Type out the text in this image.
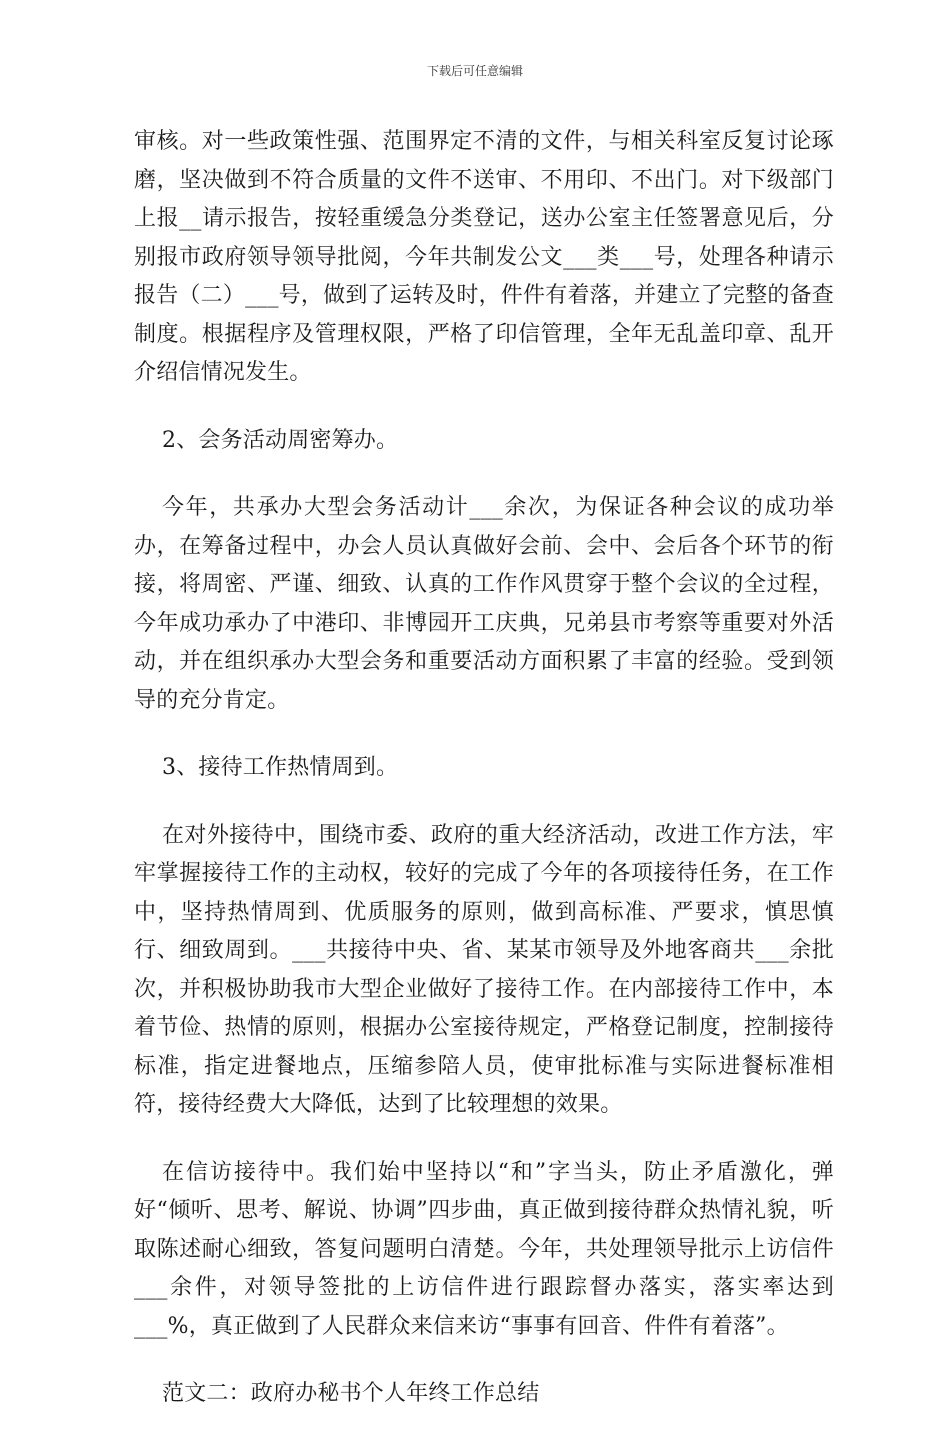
下载后可任意编辑

审核。对一些政策性强、范围界定不清的文件，与相关科室反复讨论琢磨，坚决做到不符合质量的文件不送审、不用印、不出门。对下级部门上报__请示报告，按轻重缓急分类登记，送办公室主任签署意见后，分别报市政府领导领导批阅，今年共制发公文___类___号，处理各种请示报告（二）___号，做到了运转及时，件件有着落，并建立了完整的备查制度。根据程序及管理权限，严格了印信管理，全年无乱盖印章、乱开介绍信情况发生。

2、会务活动周密筹办。

今年，共承办大型会务活动计___余次，为保证各种会议的成功举办，在筹备过程中，办会人员认真做好会前、会中、会后各个环节的衔接，将周密、严谨、细致、认真的工作作风贯穿于整个会议的全过程，今年成功承办了中港印、非博园开工庆典，兄弟县市考察等重要对外活动，并在组织承办大型会务和重要活动方面积累了丰富的经验。受到领导的充分肯定。

3、接待工作热情周到。

在对外接待中，围绕市委、政府的重大经济活动，改进工作方法，牢牢掌握接待工作的主动权，较好的完成了今年的各项接待任务，在工作中，坚持热情周到、优质服务的原则，做到高标准、严要求，慎思慎行、细致周到。___共接待中央、省、某某市领导及外地客商共___余批次，并积极协助我市大型企业做好了接待工作。在内部接待工作中，本着节俭、热情的原则，根据办公室接待规定，严格登记制度，控制接待标准，指定进餐地点，压缩参陪人员，使审批标准与实际进餐标准相符，接待经费大大降低，达到了比较理想的效果。

在信访接待中。我们始中坚持以“和”字当头，防止矛盾激化，弹好“倾听、思考、解说、协调”四步曲，真正做到接待群众热情礼貌，听取陈述耐心细致，答复问题明白清楚。今年，共处理领导批示上访信件___余件，对领导签批的上访信件进行跟踪督办落实，落实率达到___%，真正做到了人民群众来信来访“事事有回音、件件有着落”。

范文二：政府办秘书个人年终工作总结
